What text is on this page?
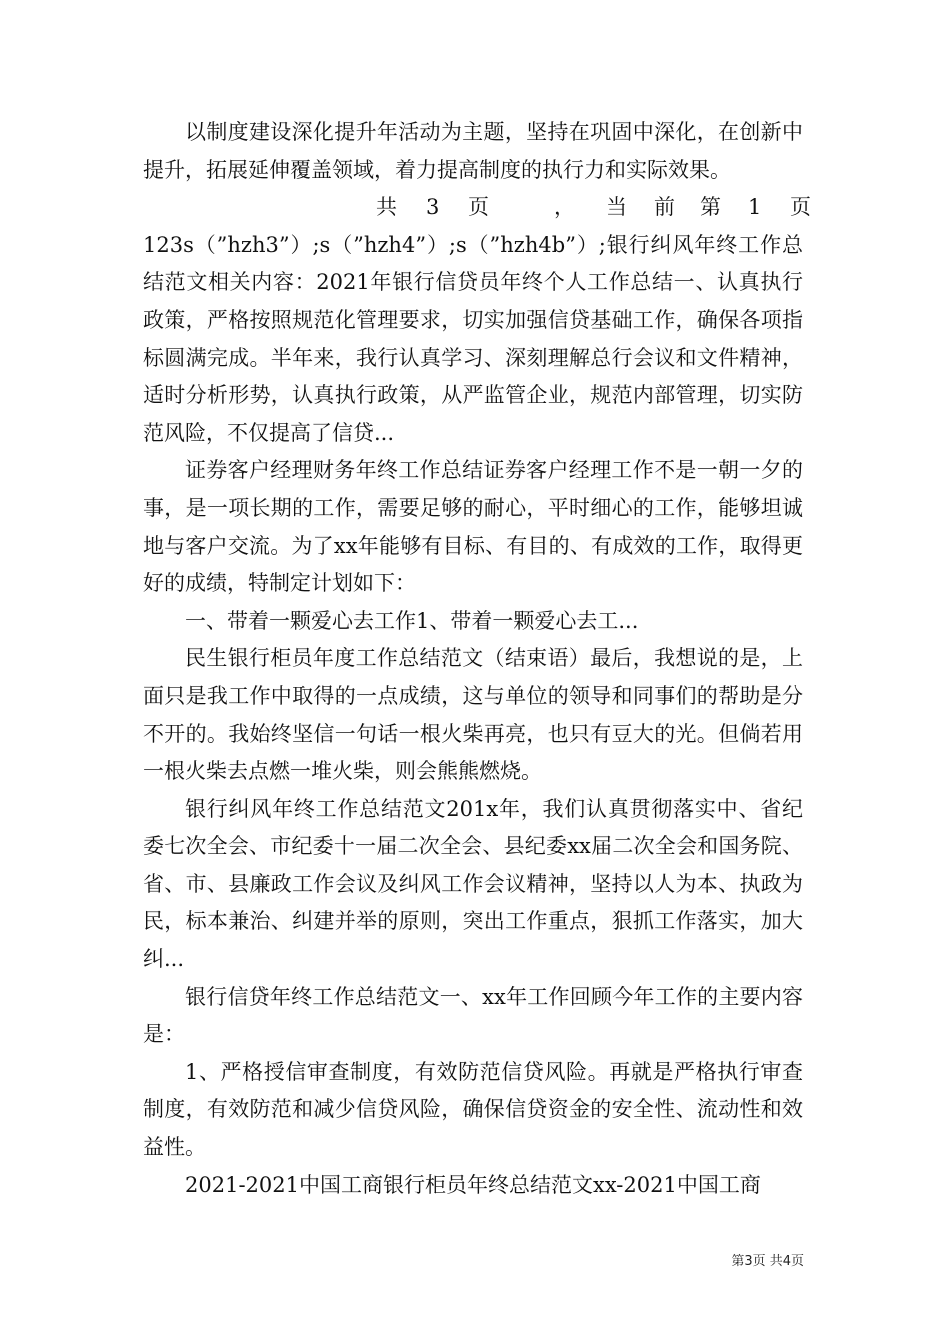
以制度建设深化提升年活动为主题，坚持在巩固中深化，在创新中提升，拓展延伸覆盖领域，着力提高制度的执行力和实际效果。

共 3 页	， 当 前 第 1 页

123s（”hzh3”）;s（”hzh4”）;s（”hzh4b”）;银行纠风年终工作总结范文相关内容：2021年银行信贷员年终个人工作总结一、认真执行政策，严格按照规范化管理要求，切实加强信贷基础工作，确保各项指标圆满完成。半年来，我行认真学习、深刻理解总行会议和文件精神，适时分析形势，认真执行政策，从严监管企业，规范内部管理，切实防范风险，不仅提高了信贷...

证券客户经理财务年终工作总结证券客户经理工作不是一朝一夕的事，是一项长期的工作，需要足够的耐心，平时细心的工作，能够坦诚地与客户交流。为了xx年能够有目标、有目的、有成效的工作，取得更好的成绩，特制定计划如下：

一、带着一颗爱心去工作1、带着一颗爱心去工...

民生银行柜员年度工作总结范文（结束语）最后，我想说的是，上面只是我工作中取得的一点成绩，这与单位的领导和同事们的帮助是分不开的。我始终坚信一句话一根火柴再亮，也只有豆大的光。但倘若用一根火柴去点燃一堆火柴，则会熊熊燃烧。

银行纠风年终工作总结范文201x年，我们认真贯彻落实中、省纪委七次全会、市纪委十一届二次全会、县纪委xx届二次全会和国务院、省、市、县廉政工作会议及纠风工作会议精神，坚持以人为本、执政为民，标本兼治、纠建并举的原则，突出工作重点，狠抓工作落实，加大纠...

银行信贷年终工作总结范文一、xx年工作回顾今年工作的主要内容是：

1、严格授信审查制度，有效防范信贷风险。再就是严格执行审查制度，有效防范和减少信贷风险，确保信贷资金的安全性、流动性和效益性。

2021-2021中国工商银行柜员年终总结范文xx-2021中国工商

第3页 共4页
